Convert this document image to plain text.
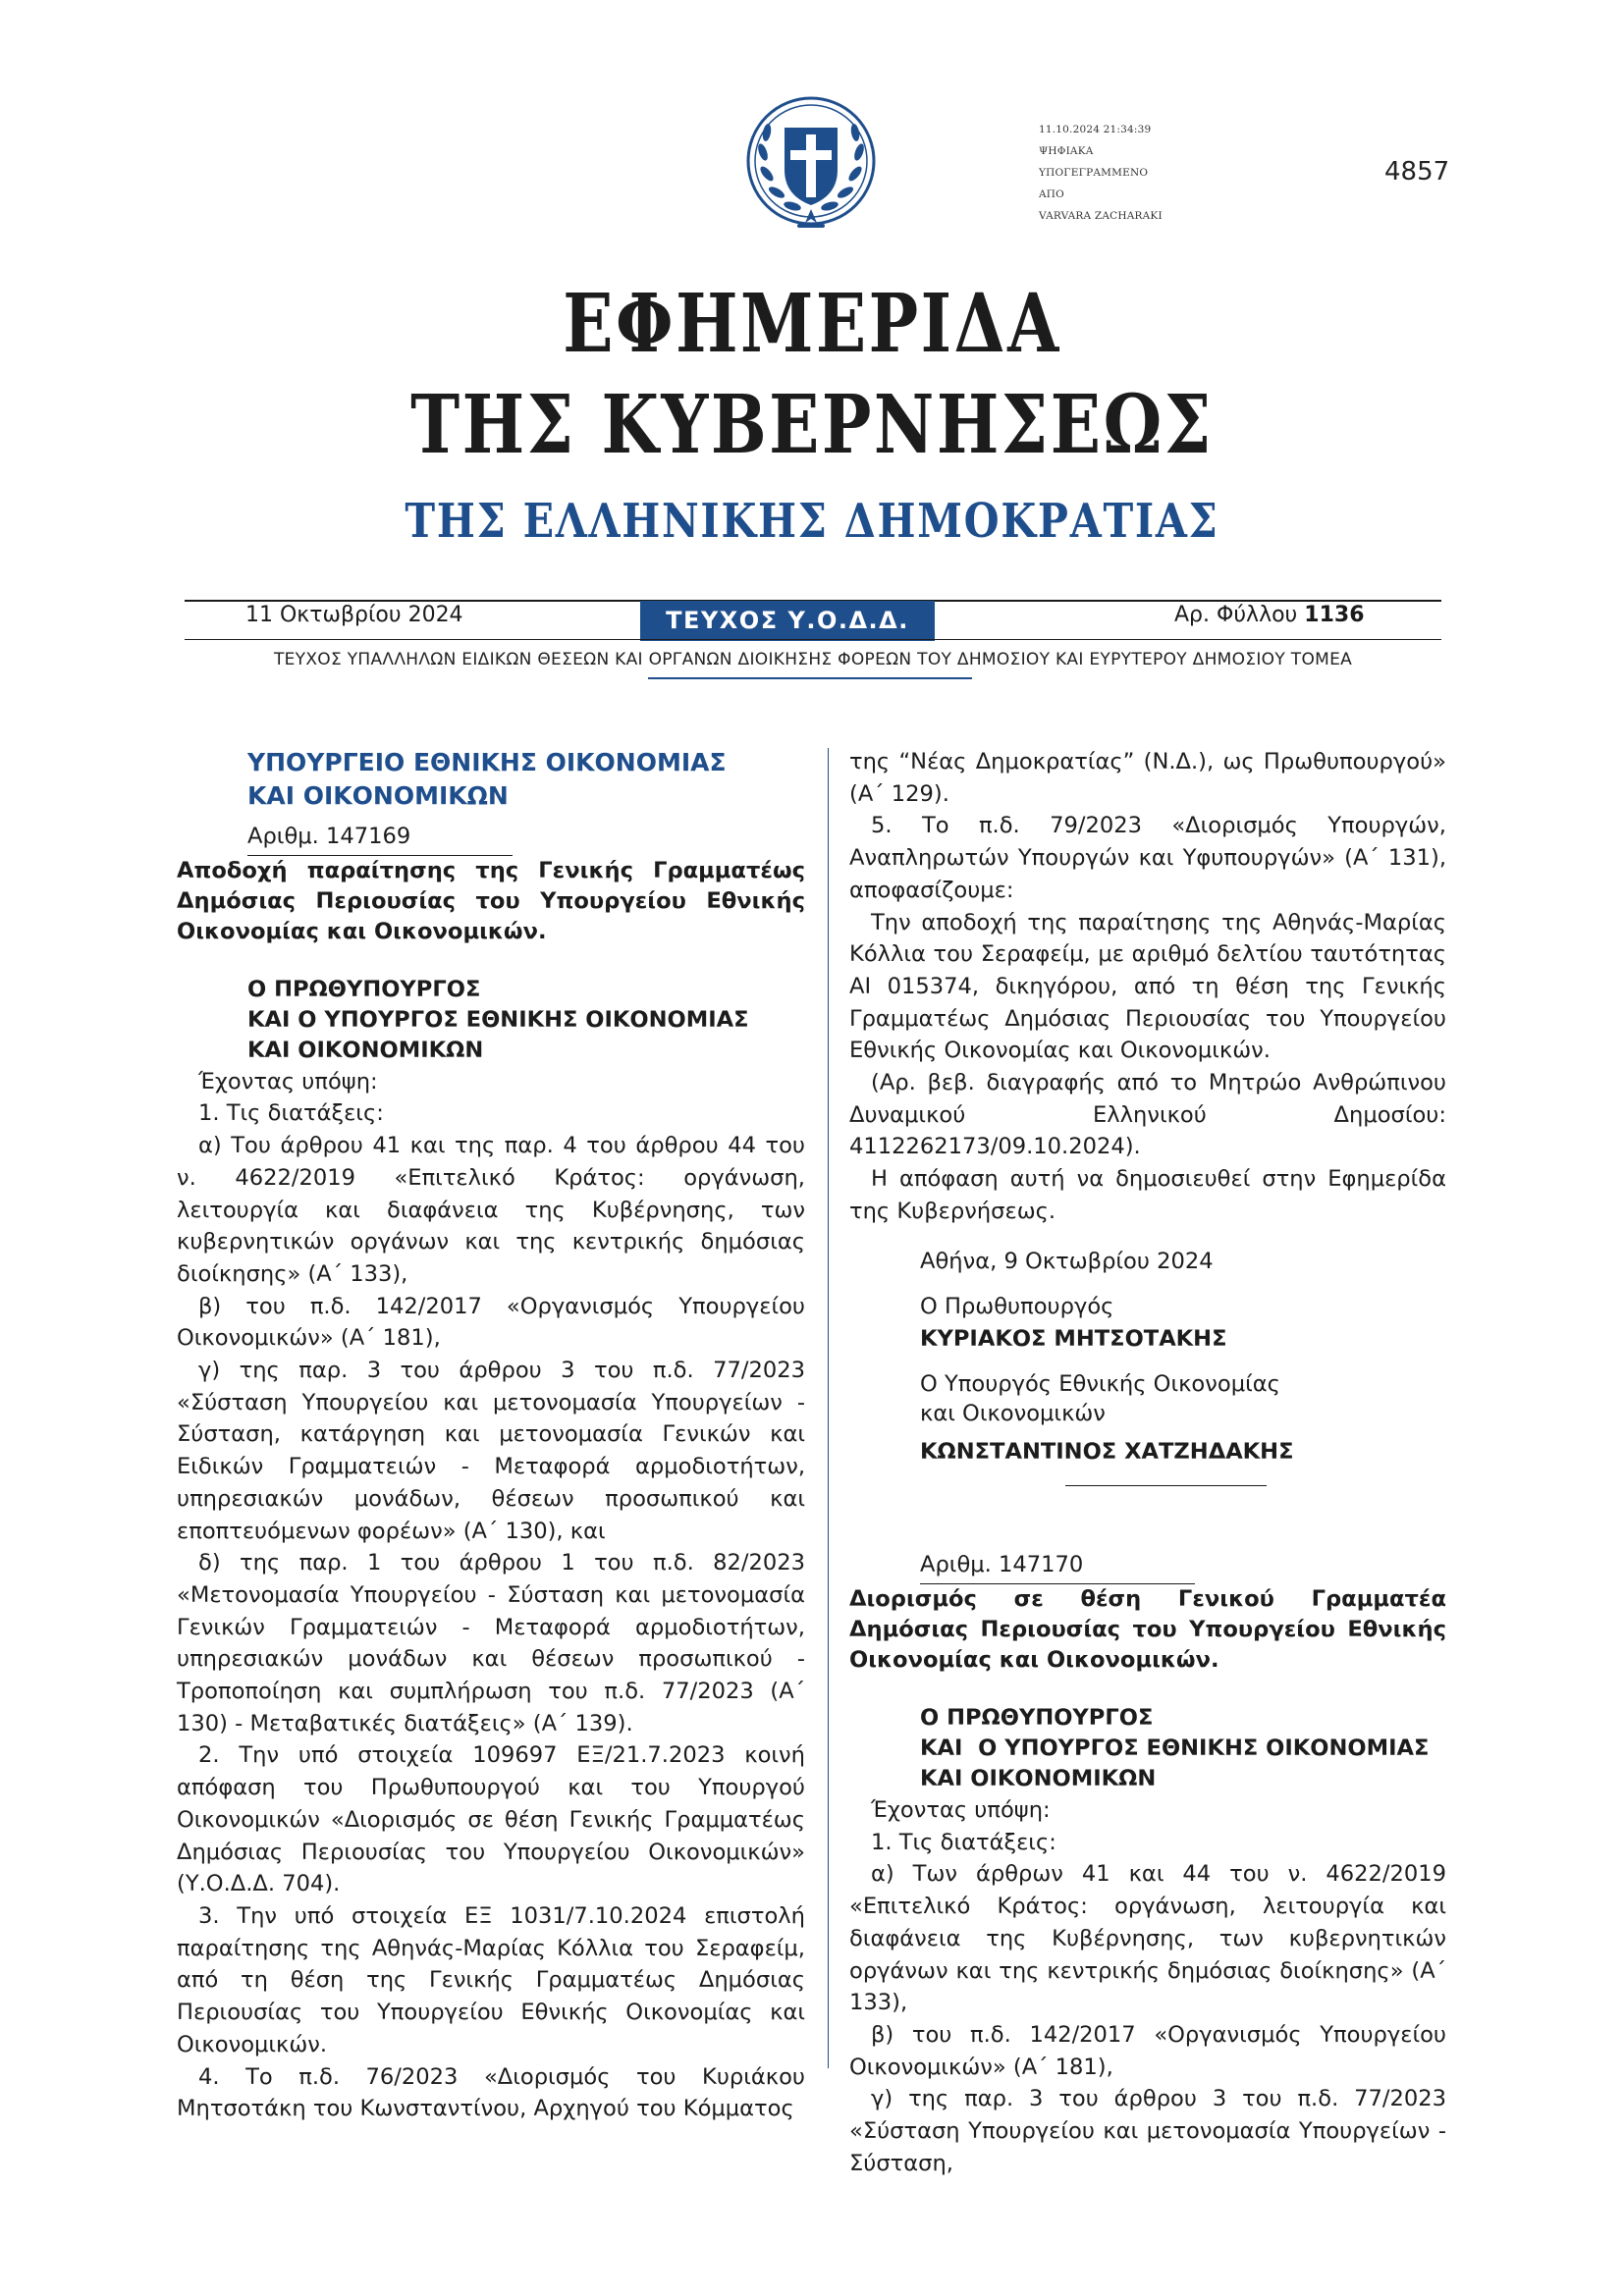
11.10.2024 21:34:39
ΨΗΦΙΑΚΑ
ΥΠΟΓΕΓΡΑΜΜΕΝΟ
ΑΠΟ
VARVARA ZACHARAKI
4857
ΕΦΗΜΕΡΙΔΑ
ΤΗΣ ΚΥΒΕΡΝΗΣΕΩΣ
ΤΗΣ ΕΛΛΗΝΙΚΗΣ ΔΗΜΟΚΡΑΤΙΑΣ
11 Οκτωβρίου 2024	ΤΕΥΧΟΣ Υ.Ο.Δ.Δ.	Αρ. Φύλλου 1136
ΤΕΥΧΟΣ ΥΠΑΛΛΗΛΩΝ ΕΙΔΙΚΩΝ ΘΕΣΕΩΝ ΚΑΙ ΟΡΓΑΝΩΝ ΔΙΟΙΚΗΣΗΣ ΦΟΡΕΩΝ ΤΟΥ ΔΗΜΟΣΙΟΥ ΚΑΙ ΕΥΡΥΤΕΡΟΥ ΔΗΜΟΣΙΟΥ ΤΟΜΕΑ
ΥΠΟΥΡΓΕΙΟ ΕΘΝΙΚΗΣ ΟΙΚΟΝΟΜΙΑΣ
ΚΑΙ ΟΙΚΟΝΟΜΙΚΩΝ
Αριθμ. 147169

Αποδοχή παραίτησης της Γενικής Γραμματέως Δημόσιας Περιουσίας του Υπουργείου Εθνικής Οικονομίας και Οικονομικών.

Ο ΠΡΩΘΥΠΟΥΡΓΟΣ
ΚΑΙ Ο ΥΠΟΥΡΓΟΣ ΕΘΝΙΚΗΣ ΟΙΚΟΝΟΜΙΑΣ
ΚΑΙ ΟΙΚΟΝΟΜΙΚΩΝ

Έχοντας υπόψη:

1. Τις διατάξεις:

α) Του άρθρου 41 και της παρ. 4 του άρθρου 44 του ν. 4622/2019 «Επιτελικό Κράτος: οργάνωση, λειτουργία και διαφάνεια της Κυβέρνησης, των κυβερνητικών οργάνων και της κεντρικής δημόσιας διοίκησης» (Α΄ 133),

β) του π.δ. 142/2017 «Οργανισμός Υπουργείου Οικονομικών» (Α΄ 181),

γ) της παρ. 3 του άρθρου 3 του π.δ. 77/2023 «Σύσταση Υπουργείου και μετονομασία Υπουργείων - Σύσταση, κατάργηση και μετονομασία Γενικών και Ειδικών Γραμματειών - Μεταφορά αρμοδιοτήτων, υπηρεσιακών μονάδων, θέσεων προσωπικού και εποπτευόμενων φορέων» (Α΄ 130), και

δ) της παρ. 1 του άρθρου 1 του π.δ. 82/2023 «Μετονομασία Υπουργείου - Σύσταση και μετονομασία Γενικών Γραμματειών - Μεταφορά αρμοδιοτήτων, υπηρεσιακών μονάδων και θέσεων προσωπικού - Τροποποίηση και συμπλήρωση του π.δ. 77/2023 (Α΄ 130) - Μεταβατικές διατάξεις» (Α΄ 139).

2. Την υπό στοιχεία 109697 ΕΞ/21.7.2023 κοινή απόφαση του Πρωθυπουργού και του Υπουργού Οικονομικών «Διορισμός σε θέση Γενικής Γραμματέως Δημόσιας Περιουσίας του Υπουργείου Οικονομικών» (Υ.Ο.Δ.Δ. 704).

3. Την υπό στοιχεία ΕΞ 1031/7.10.2024 επιστολή παραίτησης της Αθηνάς-Μαρίας Κόλλια του Σεραφείμ, από τη θέση της Γενικής Γραμματέως Δημόσιας Περιουσίας του Υπουργείου Εθνικής Οικονομίας και Οικονομικών.

4. Το π.δ. 76/2023 «Διορισμός του Κυριάκου Μητσοτάκη του Κωνσταντίνου, Αρχηγού του Κόμματος

της “Νέας Δημοκρατίας” (Ν.Δ.), ως Πρωθυπουργού» (Α΄ 129).

5. Το π.δ. 79/2023 «Διορισμός Υπουργών, Αναπληρωτών Υπουργών και Υφυπουργών» (Α΄ 131), αποφασίζουμε:

Την αποδοχή της παραίτησης της Αθηνάς-Μαρίας Κόλλια του Σεραφείμ, με αριθμό δελτίου ταυτότητας ΑΙ 015374, δικηγόρου, από τη θέση της Γενικής Γραμματέως Δημόσιας Περιουσίας του Υπουργείου Εθνικής Οικονομίας και Οικονομικών.

(Αρ. βεβ. διαγραφής από το Μητρώο Ανθρώπινου Δυναμικού Ελληνικού Δημοσίου: 4112262173/09.10.2024).

Η απόφαση αυτή να δημοσιευθεί στην Εφημερίδα της Κυβερνήσεως.

Αθήνα, 9 Οκτωβρίου 2024
Ο Πρωθυπουργός
ΚΥΡΙΑΚΟΣ ΜΗΤΣΟΤΑΚΗΣ
Ο Υπουργός Εθνικής Οικονομίας
και Οικονομικών
ΚΩΝΣΤΑΝΤΙΝΟΣ ΧΑΤΖΗΔΑΚΗΣ
Αριθμ. 147170

Διορισμός σε θέση Γενικού Γραμματέα Δημόσιας Περιουσίας του Υπουργείου Εθνικής Οικονομίας και Οικονομικών.

Ο ΠΡΩΘΥΠΟΥΡΓΟΣ
ΚΑΙ  Ο ΥΠΟΥΡΓΟΣ ΕΘΝΙΚΗΣ ΟΙΚΟΝΟΜΙΑΣ
ΚΑΙ ΟΙΚΟΝΟΜΙΚΩΝ

Έχοντας υπόψη:

1. Τις διατάξεις:

α) Των άρθρων 41 και 44 του ν. 4622/2019 «Επιτελικό Κράτος: οργάνωση, λειτουργία και διαφάνεια της Κυβέρνησης, των κυβερνητικών οργάνων και της κεντρικής δημόσιας διοίκησης» (Α΄ 133),

β) του π.δ. 142/2017 «Οργανισμός Υπουργείου Οικονομικών» (Α΄ 181),

γ) της παρ. 3 του άρθρου 3 του π.δ. 77/2023 «Σύσταση Υπουργείου και μετονομασία Υπουργείων - Σύσταση,
